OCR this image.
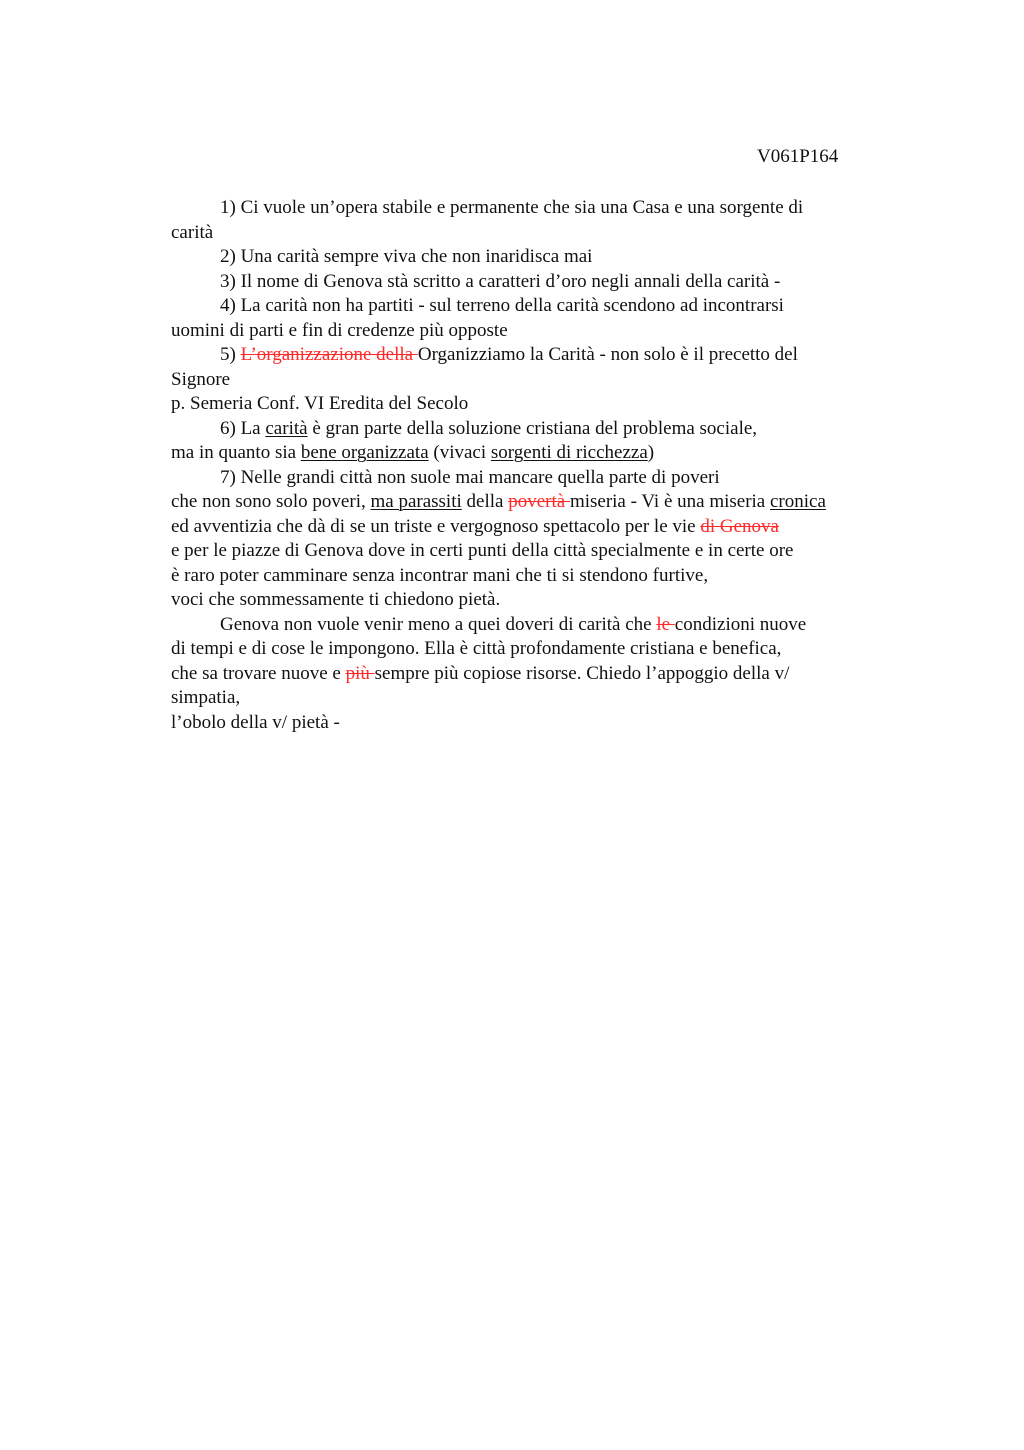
V061P164
1) Ci vuole un’opera stabile e permanente che sia una Casa e una sorgente di
carità
2) Una carità sempre viva che non inaridisca mai
3) Il nome di Genova stà scritto a caratteri d’oro negli annali della carità -
4) La carità non ha partiti - sul terreno della carità scendono ad incontrarsi
uomini di parti e fin di credenze più opposte
5) L’organizzazione della Organizziamo la Carità - non solo è il precetto del
Signore
p. Semeria Conf. VI Eredita del Secolo
6) La carità è gran parte della soluzione cristiana del problema sociale,
ma in quanto sia bene organizzata (vivaci sorgenti di ricchezza)
7) Nelle grandi città non suole mai mancare quella parte di poveri
che non sono solo poveri, ma parassiti della povertà miseria - Vi è una miseria cronica
ed avventizia che dà di se un triste e vergognoso spettacolo per le vie di Genova
e per le piazze di Genova dove in certi punti della città specialmente e in certe ore
è raro poter camminare senza incontrar mani che ti si stendono furtive,
voci che sommessamente ti chiedono pietà.
Genova non vuole venir meno a quei doveri di carità che le condizioni nuove
di tempi e di cose le impongono. Ella è città profondamente cristiana e benefica,
che sa trovare nuove e più sempre più copiose risorse. Chiedo l’appoggio della v/
simpatia,
l’obolo della v/ pietà -
